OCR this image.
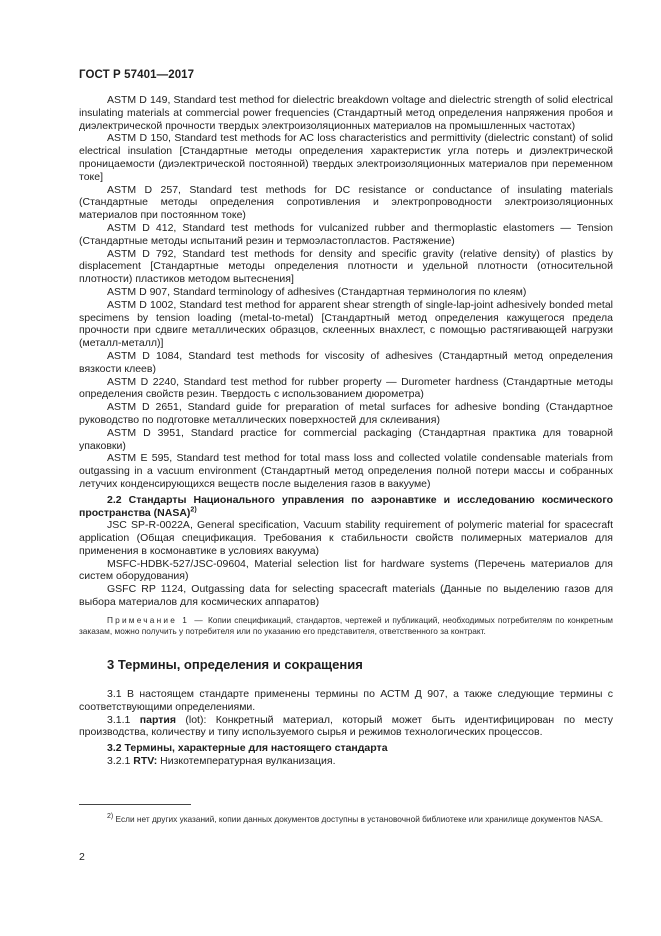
ГОСТ Р 57401—2017

ASTM D 149, Standard test method for dielectric breakdown voltage and dielectric strength of solid electrical insulating materials at commercial power frequencies (Стандартный метод определения напряжения пробоя и диэлектрической прочности твердых электроизоляционных материалов на промышленных частотах)

ASTM D 150, Standard test methods for AC loss characteristics and permittivity (dielectric constant) of solid electrical insulation [Стандартные методы определения характеристик угла потерь и диэлектрической проницаемости (диэлектрической постоянной) твердых электроизоляционных материалов при переменном токе]

ASTM D 257, Standard test methods for DC resistance or conductance of insulating materials (Стандартные методы определения сопротивления и электропроводности электроизоляционных материалов при постоянном токе)

ASTM D 412, Standard test methods for vulcanized rubber and thermoplastic elastomers — Tension (Стандартные методы испытаний резин и термоэластопластов. Растяжение)

ASTM D 792, Standard test methods for density and specific gravity (relative density) of plastics by displacement [Стандартные методы определения плотности и удельной плотности (относительной плотности) пластиков методом вытеснения]

ASTM D 907, Standard terminology of adhesives (Стандартная терминология по клеям)

ASTM D 1002, Standard test method for apparent shear strength of single-lap-joint adhesively bonded metal specimens by tension loading (metal-to-metal) [Стандартный метод определения кажущегося предела прочности при сдвиге металлических образцов, склеенных внахлест, с помощью растягивающей нагрузки (металл-металл)]

ASTM D 1084, Standard test methods for viscosity of adhesives (Стандартный метод определения вязкости клеев)

ASTM D 2240, Standard test method for rubber property — Durometer hardness (Стандартные методы определения свойств резин. Твердость с использованием дюрометра)

ASTM D 2651, Standard guide for preparation of metal surfaces for adhesive bonding (Стандартное руководство по подготовке металлических поверхностей для склеивания)

ASTM D 3951, Standard practice for commercial packaging (Стандартная практика для товарной упаковки)

ASTM E 595, Standard test method for total mass loss and collected volatile condensable materials from outgassing in a vacuum environment (Стандартный метод определения полной потери массы и собранных летучих конденсирующихся веществ после выделения газов в вакууме)

2.2 Стандарты Национального управления по аэронавтике и исследованию космического пространства (NASA)$^{2)}$

JSC SP-R-0022A, General specification, Vacuum stability requirement of polymeric material for spacecraft application (Общая спецификация. Требования к стабильности свойств полимерных материалов для применения в космонавтике в условиях вакуума)

MSFC-HDBK-527/JSC-09604, Material selection list for hardware systems (Перечень материалов для систем оборудования)

GSFC RP 1124, Outgassing data for selecting spacecraft materials (Данные по выделению газов для выбора материалов для космических аппаратов)

Примечание 1 — Копии спецификаций, стандартов, чертежей и публикаций, необходимых потребителям по конкретным заказам, можно получить у потребителя или по указанию его представителя, ответственного за контракт.

3 Термины, определения и сокращения

3.1 В настоящем стандарте применены термины по АСТМ Д 907, а также следующие термины с соответствующими определениями.

3.1.1 партия (lot): Конкретный материал, который может быть идентифицирован по месту производства, количеству и типу используемого сырья и режимов технологических процессов.

3.2 Термины, характерные для настоящего стандарта

3.2.1 RTV: Низкотемпературная вулканизация.

$^{2)}$ Если нет других указаний, копии данных документов доступны в установочной библиотеке или хранилище документов NASA.

2
